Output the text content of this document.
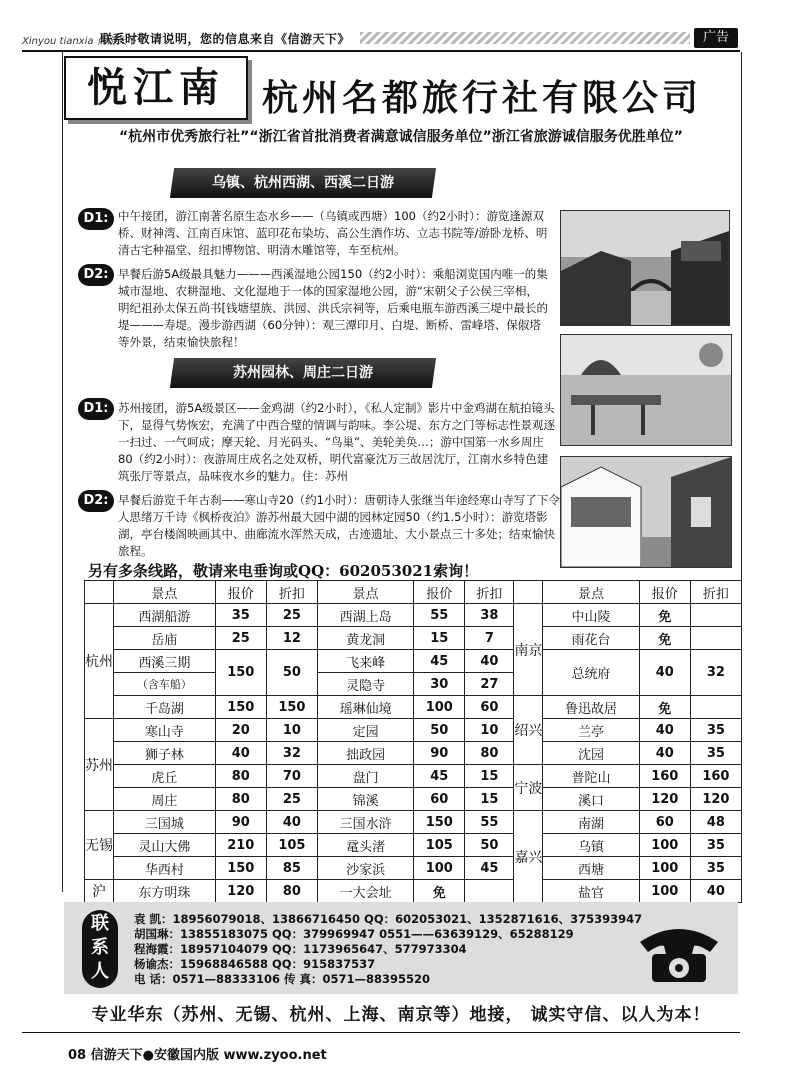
Xinyou tianxia 信游天下
联系时敬请说明，您的信息来自《信游天下》	广告
悦江南	杭州名都旅行社有限公司
“杭州市优秀旅行社”“浙江省首批消费者满意诚信服务单位”浙江省旅游诚信服务优胜单位”
乌镇、杭州西湖、西溪二日游
D1: 中午接团，游江南著名原生态水乡——（乌镇或西塘）100（约2小时）：游览逢源双桥、财神湾、江南百床馆、蓝印花布染坊、高公生酒作坊、立志书院等/游卧龙桥、明清古宅种福堂、纽扣博物馆、明清木雕馆等，车至杭州。
D2: 早餐后游5A级最具魅力———西溪湿地公园150（约2小时）：乘船浏览国内唯一的集城市湿地、农耕湿地、文化湿地于一体的国家湿地公园，游“宋朝父子公侯三宰相，明纪祖孙太保五尚书[钱塘望族、洪园、洪氏宗祠等，后乘电瓶车游西溪三堤中最长的堤———寿堤。漫步游西湖（60分钟）：观三潭印月、白堤、断桥、雷峰塔、保俶塔等外景，结束愉快旅程！
苏州园林、周庄二日游
D1: 苏州接团，游5A级景区——金鸡湖（约2小时），《私人定制》影片中金鸡湖在航拍镜头下，显得气势恢宏，充满了中西合璧的情调与韵味。李公堤、东方之门等标志性景观逐一扫过、一气呵成；摩天轮、月光码头、“鸟巢”、美轮美奂…；游中国第一水乡周庄80（约2小时）：夜游周庄成名之处双桥，明代富豪沈万三故居沈厅，江南水乡特色建筑张厅等景点，品味夜水乡的魅力。住：苏州
D2: 早餐后游览千年古刹——寒山寺20（约1小时）：唐朝诗人张继当年途经寒山寺写了下令人思绪万千诗《枫桥夜泊》游苏州最大园中湖的园林定园50（约1.5小时）：游览塔影湖，亭台楼阁映画其中、曲廊流水浑然天成，古迹遗址、大小景点三十多处；结束愉快旅程。
另有多条线路，敬请来电垂询或QQ：602053021索询！
	景点	报价	折扣	景点	报价	折扣		景点	报价	折扣
杭州	西湖船游	35	25	西湖上岛	55	38	南京	中山陵	免	
	岳庙	25	12	黄龙洞	15	7		雨花台	免	
	西溪三期	150	50	飞来峰	45	40		总统府	40	32
	（含车船）			灵隐寺	30	27				
	千岛湖	150	150	瑶琳仙境	100	60	绍兴	鲁迅故居	免	
苏州	寒山寺	20	10	定园	50	10		兰亭	40	35
	狮子林	40	32	拙政园	90	80		沈园	40	35
	虎丘	80	70	盘门	45	15	宁波	普陀山	160	160
	周庄	80	25	锦溪	60	15		溪口	120	120
无锡	三国城	90	40	三国水浒	150	55	嘉兴	南湖	60	48
	灵山大佛	210	105	鼋头渚	105	50		乌镇	100	35
	华西村	150	85	沙家浜	100	45		西塘	100	35
沪	东方明珠	120	80	一大会址	免			盐官	100	40
联
系
人
袁 凯：18956079018、13866716450 QQ：602053021、1352871616、375393947
胡国琳：13855183075 QQ：379969947 0551——63639129、65288129
程海霞：18957104079 QQ：1173965647、577973304
杨谕杰：15968846588 QQ：915837537
电 话：0571—88333106 传 真：0571—88395520
专业华东（苏州、无锡、杭州、上海、南京等）地接， 诚实守信、以人为本！
08 信游天下●安徽国内版 www.zyoo.net
